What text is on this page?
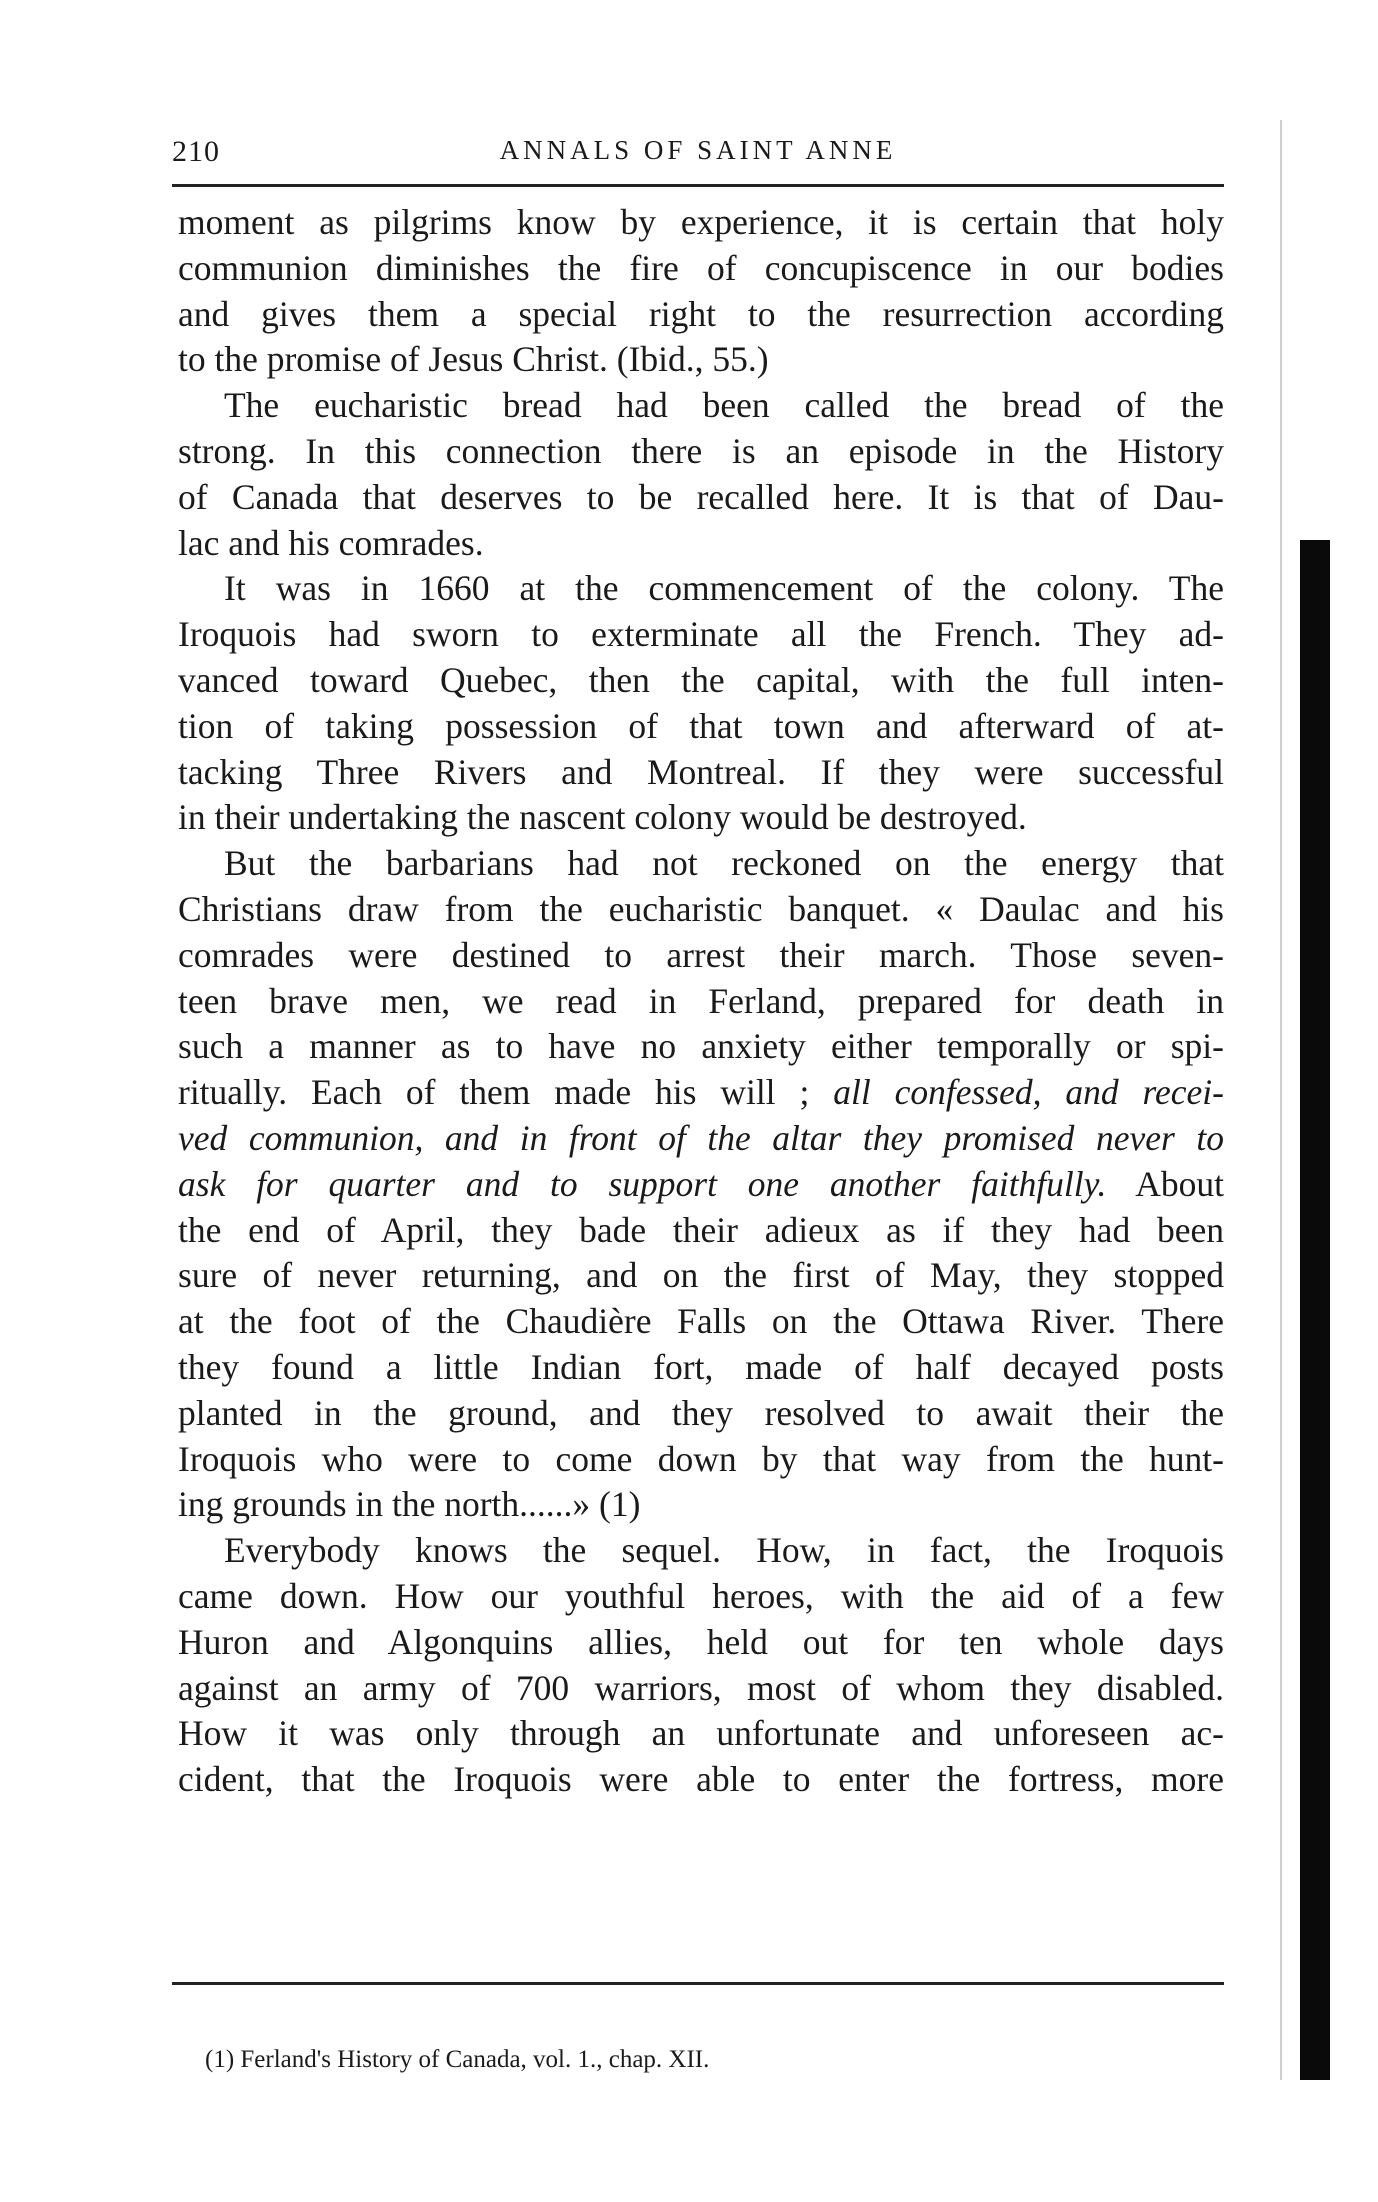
210	ANNALS OF SAINT ANNE
moment as pilgrims know by experience, it is certain that holy
communion diminishes the fire of concupiscence in our bodies
and gives them a special right to the resurrection according
to the promise of Jesus Christ. (Ibid., 55.)
The eucharistic bread had been called the bread of the
strong. In this connection there is an episode in the History
of Canada that deserves to be recalled here. It is that of Dau-
lac and his comrades.
It was in 1660 at the commencement of the colony. The
Iroquois had sworn to exterminate all the French. They ad-
vanced toward Quebec, then the capital, with the full inten-
tion of taking possession of that town and afterward of at-
tacking Three Rivers and Montreal. If they were successful
in their undertaking the nascent colony would be destroyed.
But the barbarians had not reckoned on the energy that
Christians draw from the eucharistic banquet. « Daulac and his
comrades were destined to arrest their march. Those seven-
teen brave men, we read in Ferland, prepared for death in
such a manner as to have no anxiety either temporally or spi-
ritually. Each of them made his will ; all confessed, and recei-
ved communion, and in front of the altar they promised never to
ask for quarter and to support one another faithfully. About
the end of April, they bade their adieux as if they had been
sure of never returning, and on the first of May, they stopped
at the foot of the Chaudière Falls on the Ottawa River. There
they found a little Indian fort, made of half decayed posts
planted in the ground, and they resolved to await their the
Iroquois who were to come down by that way from the hunt-
ing grounds in the north......» (1)
Everybody knows the sequel. How, in fact, the Iroquois
came down. How our youthful heroes, with the aid of a few
Huron and Algonquins allies, held out for ten whole days
against an army of 700 warriors, most of whom they disabled.
How it was only through an unfortunate and unforeseen ac-
cident, that the Iroquois were able to enter the fortress, more
(1) Ferland's History of Canada, vol. 1., chap. XII.
